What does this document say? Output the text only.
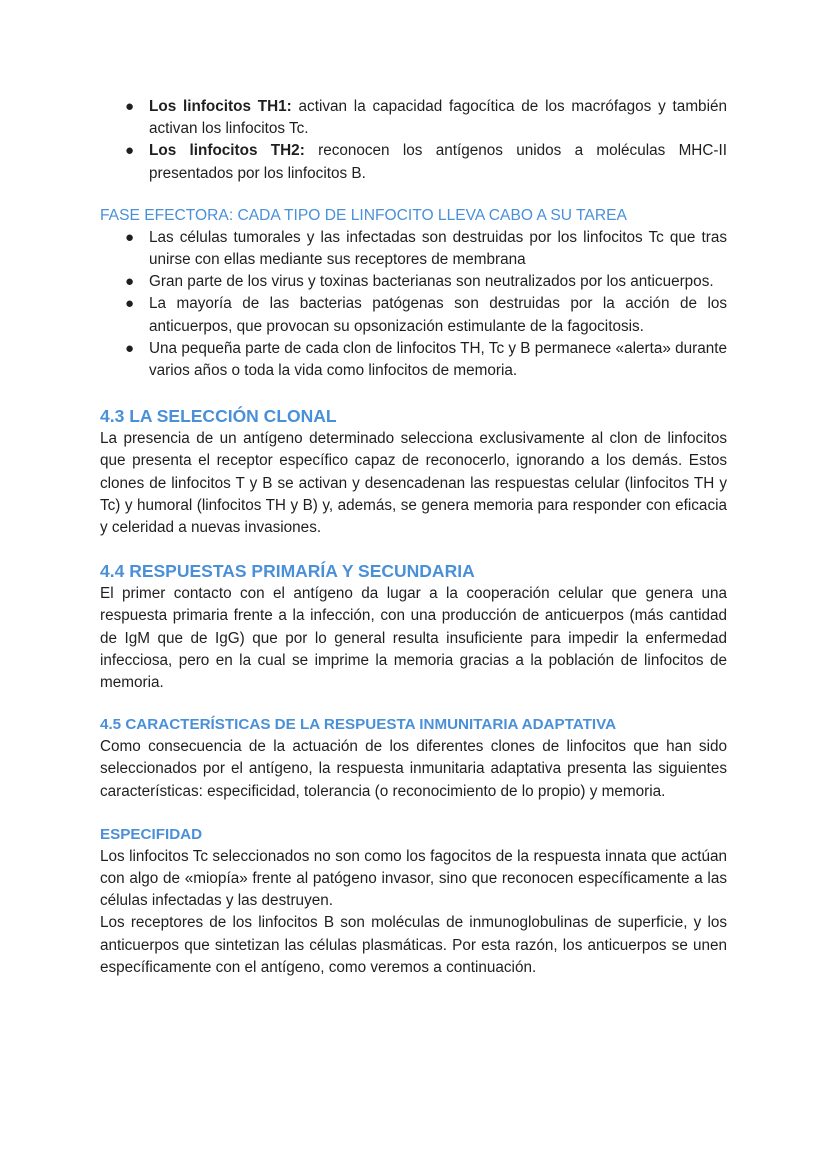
● Los linfocitos TH1: activan la capacidad fagocítica de los macrófagos y también activan los linfocitos Tc.
● Los linfocitos TH2: reconocen los antígenos unidos a moléculas MHC-II presentados por los linfocitos B.

FASE EFECTORA: CADA TIPO DE LINFOCITO LLEVA CABO A SU TAREA

● Las células tumorales y las infectadas son destruidas por los linfocitos Tc que tras unirse con ellas mediante sus receptores de membrana
● Gran parte de los virus y toxinas bacterianas son neutralizados por los anticuerpos.
● La mayoría de las bacterias patógenas son destruidas por la acción de los anticuerpos, que provocan su opsonización estimulante de la fagocitosis.
● Una pequeña parte de cada clon de linfocitos TH, Tc y B permanece «alerta» durante varios años o toda la vida como linfocitos de memoria.

4.3 LA SELECCIÓN CLONAL

La presencia de un antígeno determinado selecciona exclusivamente al clon de linfocitos que presenta el receptor específico capaz de reconocerlo, ignorando a los demás. Estos clones de linfocitos T y B se activan y desencadenan las respuestas celular (linfocitos TH y Tc) y humoral (linfocitos TH y B) y, además, se genera memoria para responder con eficacia y celeridad a nuevas invasiones.

4.4 RESPUESTAS PRIMARÍA Y SECUNDARIA

El primer contacto con el antígeno da lugar a la cooperación celular que genera una respuesta primaria frente a la infección, con una producción de anticuerpos (más cantidad de IgM que de IgG) que por lo general resulta insuficiente para impedir la enfermedad infecciosa, pero en la cual se imprime la memoria gracias a la población de linfocitos de memoria.

4.5 CARACTERÍSTICAS DE LA RESPUESTA INMUNITARIA ADAPTATIVA

Como consecuencia de la actuación de los diferentes clones de linfocitos que han sido seleccionados por el antígeno, la respuesta inmunitaria adaptativa presenta las siguientes características: especificidad, tolerancia (o reconocimiento de lo propio) y memoria.

ESPECIFIDAD

Los linfocitos Tc seleccionados no son como los fagocitos de la respuesta innata que actúan con algo de «miopía» frente al patógeno invasor, sino que reconocen específicamente a las células infectadas y las destruyen.

Los receptores de los linfocitos B son moléculas de inmunoglobulinas de superficie, y los anticuerpos que sintetizan las células plasmáticas. Por esta razón, los anticuerpos se unen específicamente con el antígeno, como veremos a continuación.
